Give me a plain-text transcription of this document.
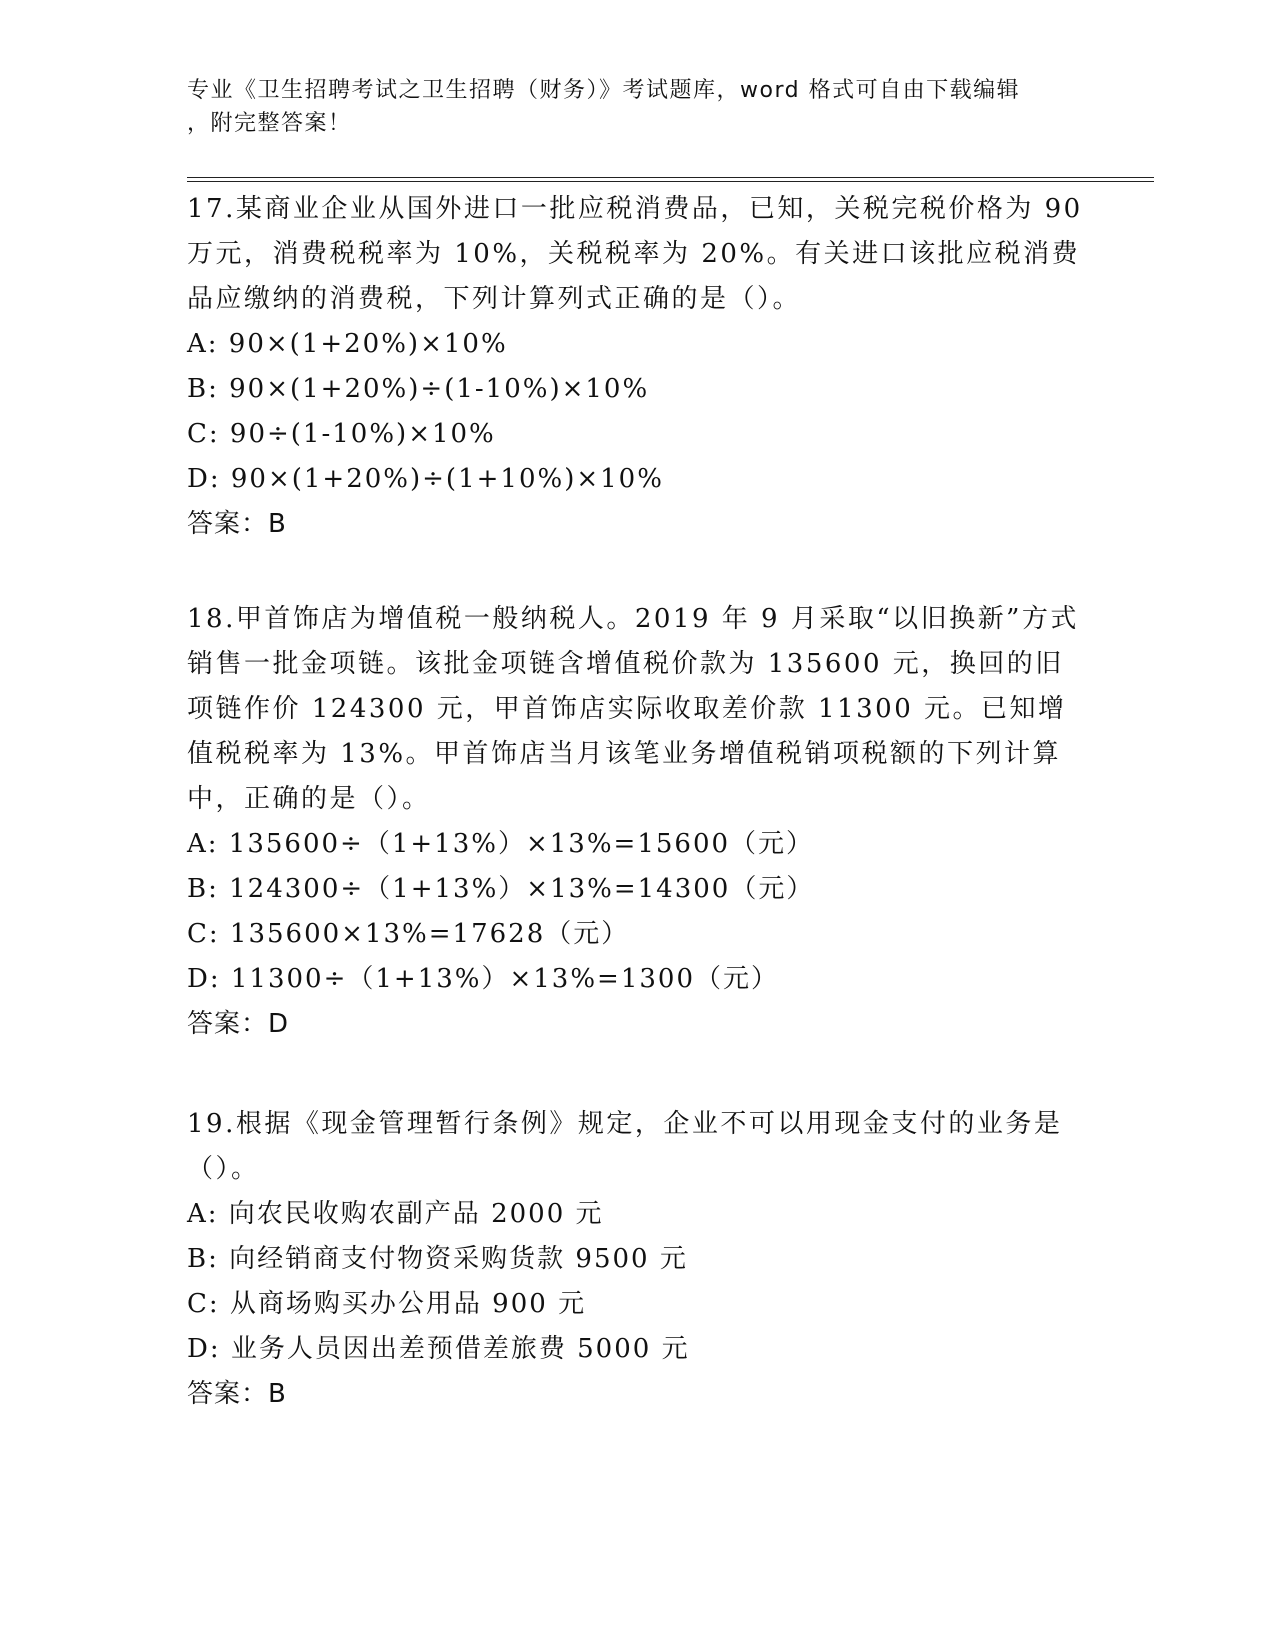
专业《卫生招聘考试之卫生招聘（财务）》考试题库，word 格式可自由下载编辑
，附完整答案！
17.某商业企业从国外进口一批应税消费品，已知，关税完税价格为 90 万元，消费税税率为 10%，关税税率为 20%。有关进口该批应税消费品应缴纳的消费税，下列计算列式正确的是（）。
A: 90×(1+20%)×10%
B: 90×(1+20%)÷(1-10%)×10%
C: 90÷(1-10%)×10%
D: 90×(1+20%)÷(1+10%)×10%
答案：B
18.甲首饰店为增值税一般纳税人。2019 年 9 月采取“以旧换新”方式销售一批金项链。该批金项链含增值税价款为 135600 元，换回的旧项链作价 124300 元，甲首饰店实际收取差价款 11300 元。已知增值税税率为 13%。甲首饰店当月该笔业务增值税销项税额的下列计算中，正确的是（）。
A: 135600÷（1+13%）×13%=15600（元）
B: 124300÷（1+13%）×13%=14300（元）
C: 135600×13%=17628（元）
D: 11300÷（1+13%）×13%=1300（元）
答案：D
19.根据《现金管理暂行条例》规定，企业不可以用现金支付的业务是（）。
A: 向农民收购农副产品 2000 元
B: 向经销商支付物资采购货款 9500 元
C: 从商场购买办公用品 900 元
D: 业务人员因出差预借差旅费 5000 元
答案：B
